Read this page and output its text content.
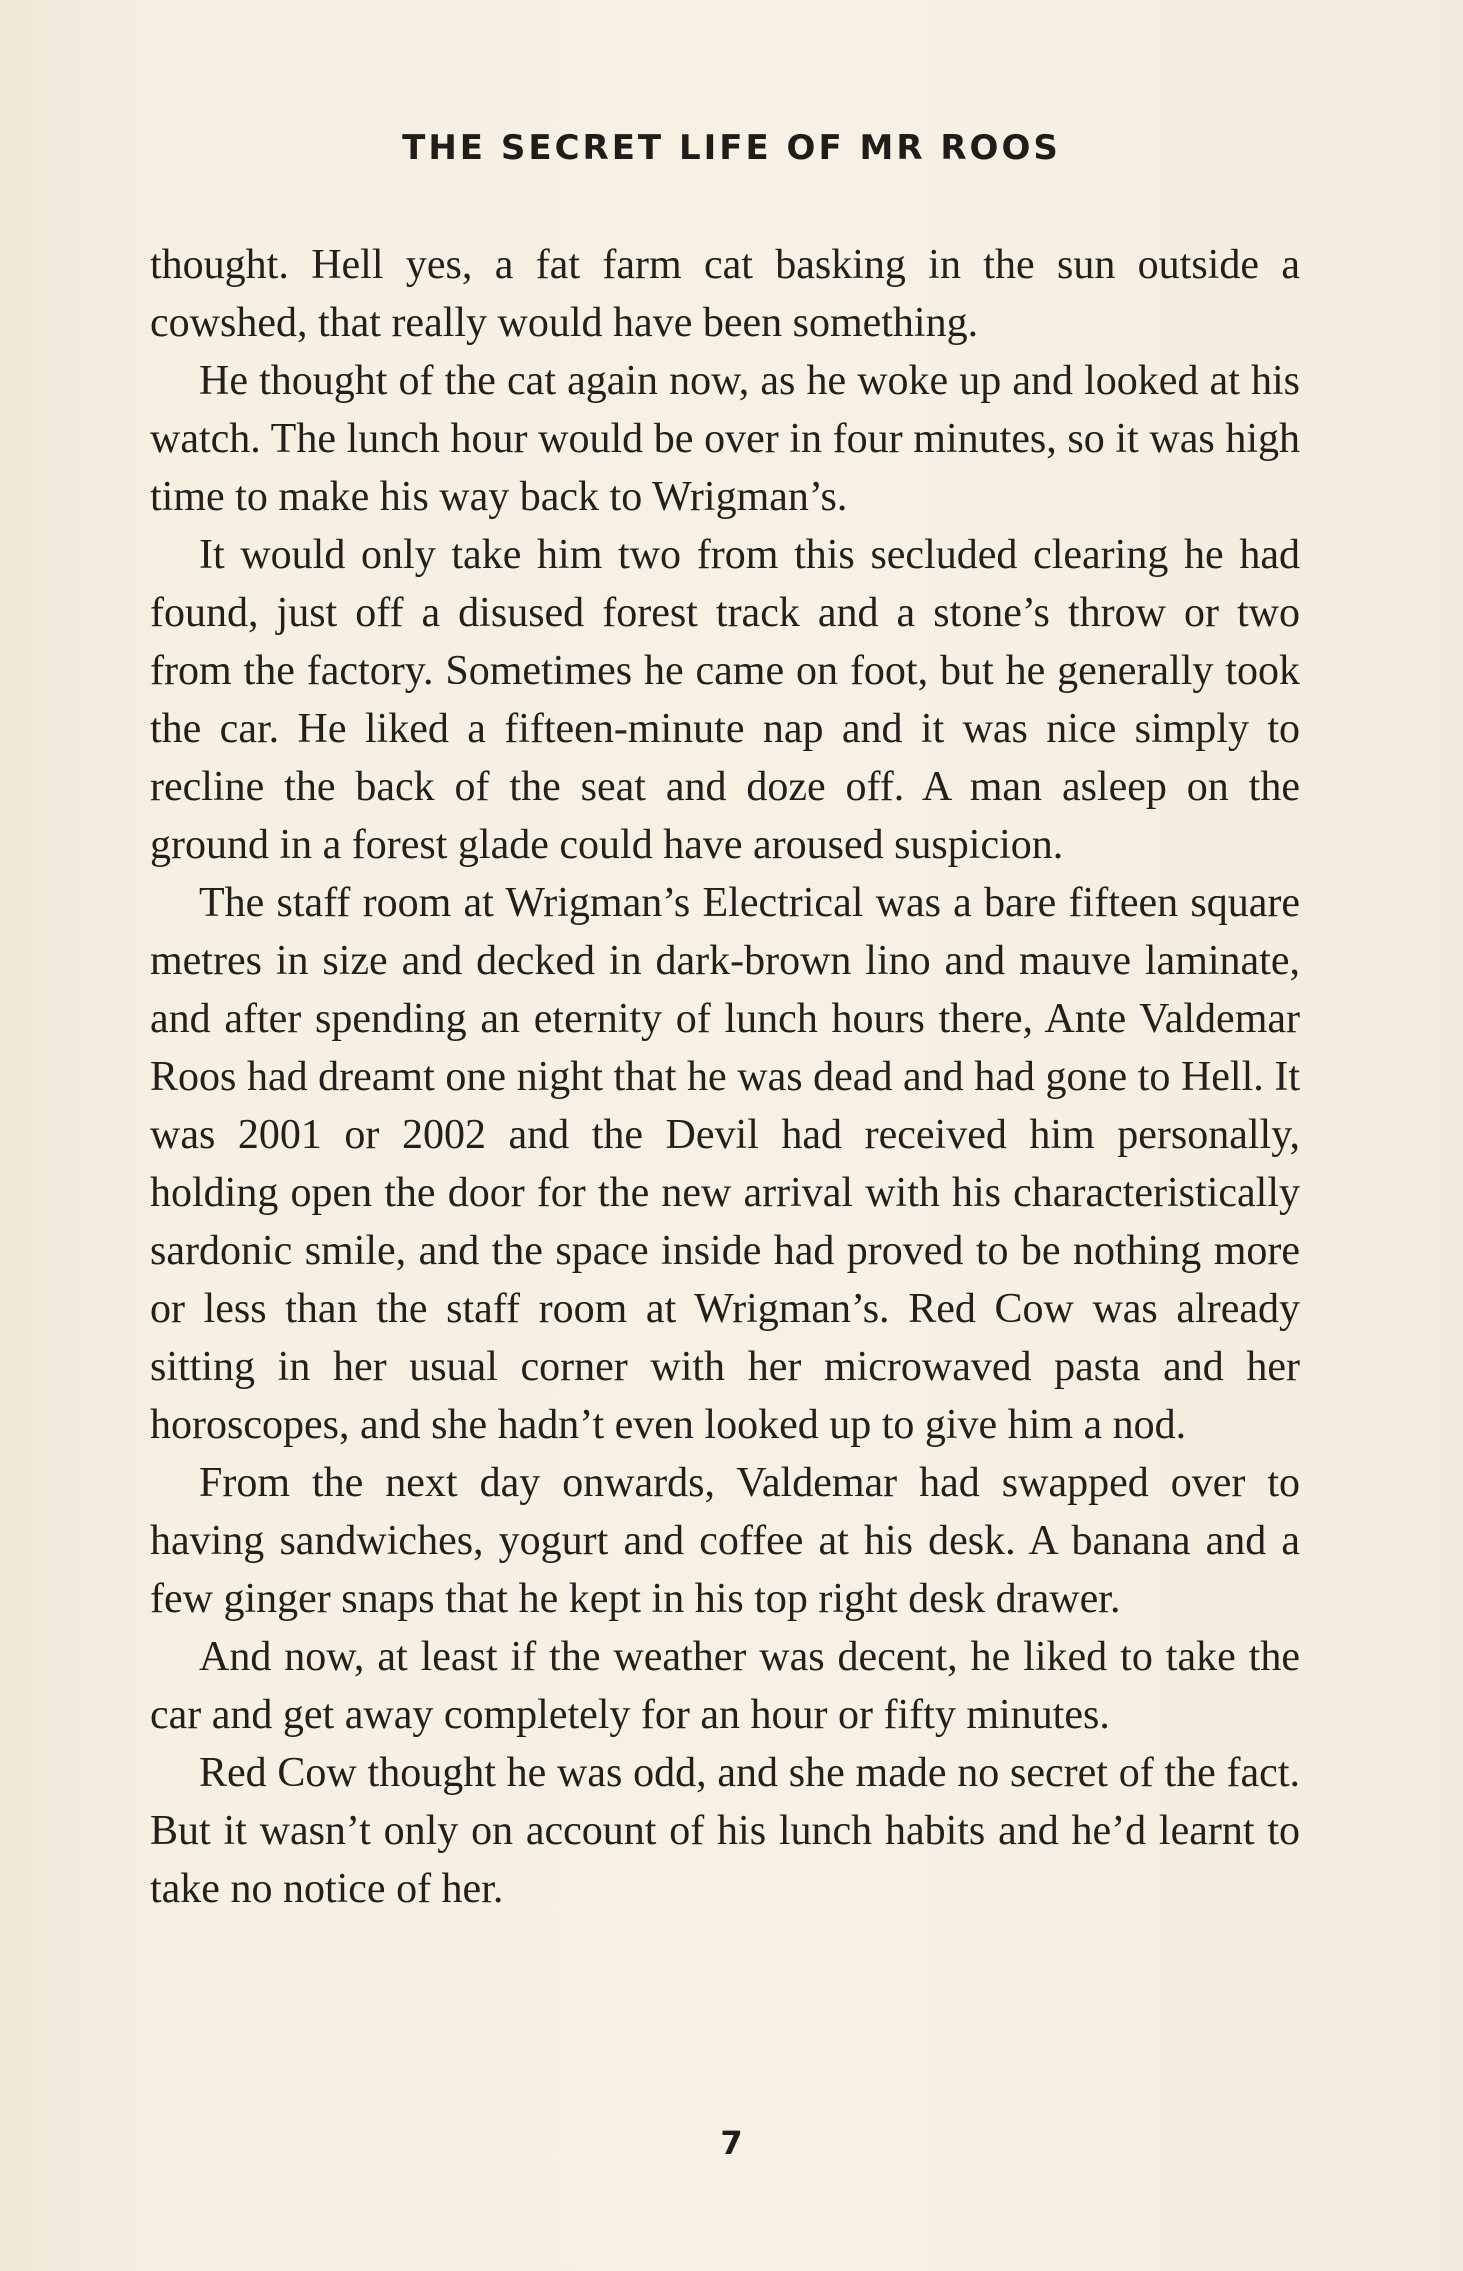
THE SECRET LIFE OF MR ROOS

thought. Hell yes, a fat farm cat basking in the sun outside a cowshed, that really would have been something.

He thought of the cat again now, as he woke up and looked at his watch. The lunch hour would be over in four minutes, so it was high time to make his way back to Wrigman’s.

It would only take him two from this secluded clearing he had found, just off a disused forest track and a stone’s throw or two from the factory. Sometimes he came on foot, but he generally took the car. He liked a fifteen-minute nap and it was nice simply to recline the back of the seat and doze off. A man asleep on the ground in a forest glade could have aroused suspicion.

The staff room at Wrigman’s Electrical was a bare fifteen square metres in size and decked in dark-brown lino and mauve laminate, and after spending an eternity of lunch hours there, Ante Valdemar Roos had dreamt one night that he was dead and had gone to Hell. It was 2001 or 2002 and the Devil had received him personally, holding open the door for the new arrival with his characteristically sardonic smile, and the space inside had proved to be nothing more or less than the staff room at Wrigman’s. Red Cow was already sitting in her usual corner with her microwaved pasta and her horoscopes, and she hadn’t even looked up to give him a nod.

From the next day onwards, Valdemar had swapped over to having sandwiches, yogurt and coffee at his desk. A banana and a few ginger snaps that he kept in his top right desk drawer.

And now, at least if the weather was decent, he liked to take the car and get away completely for an hour or fifty minutes.

Red Cow thought he was odd, and she made no secret of the fact. But it wasn’t only on account of his lunch habits and he’d learnt to take no notice of her.

7
